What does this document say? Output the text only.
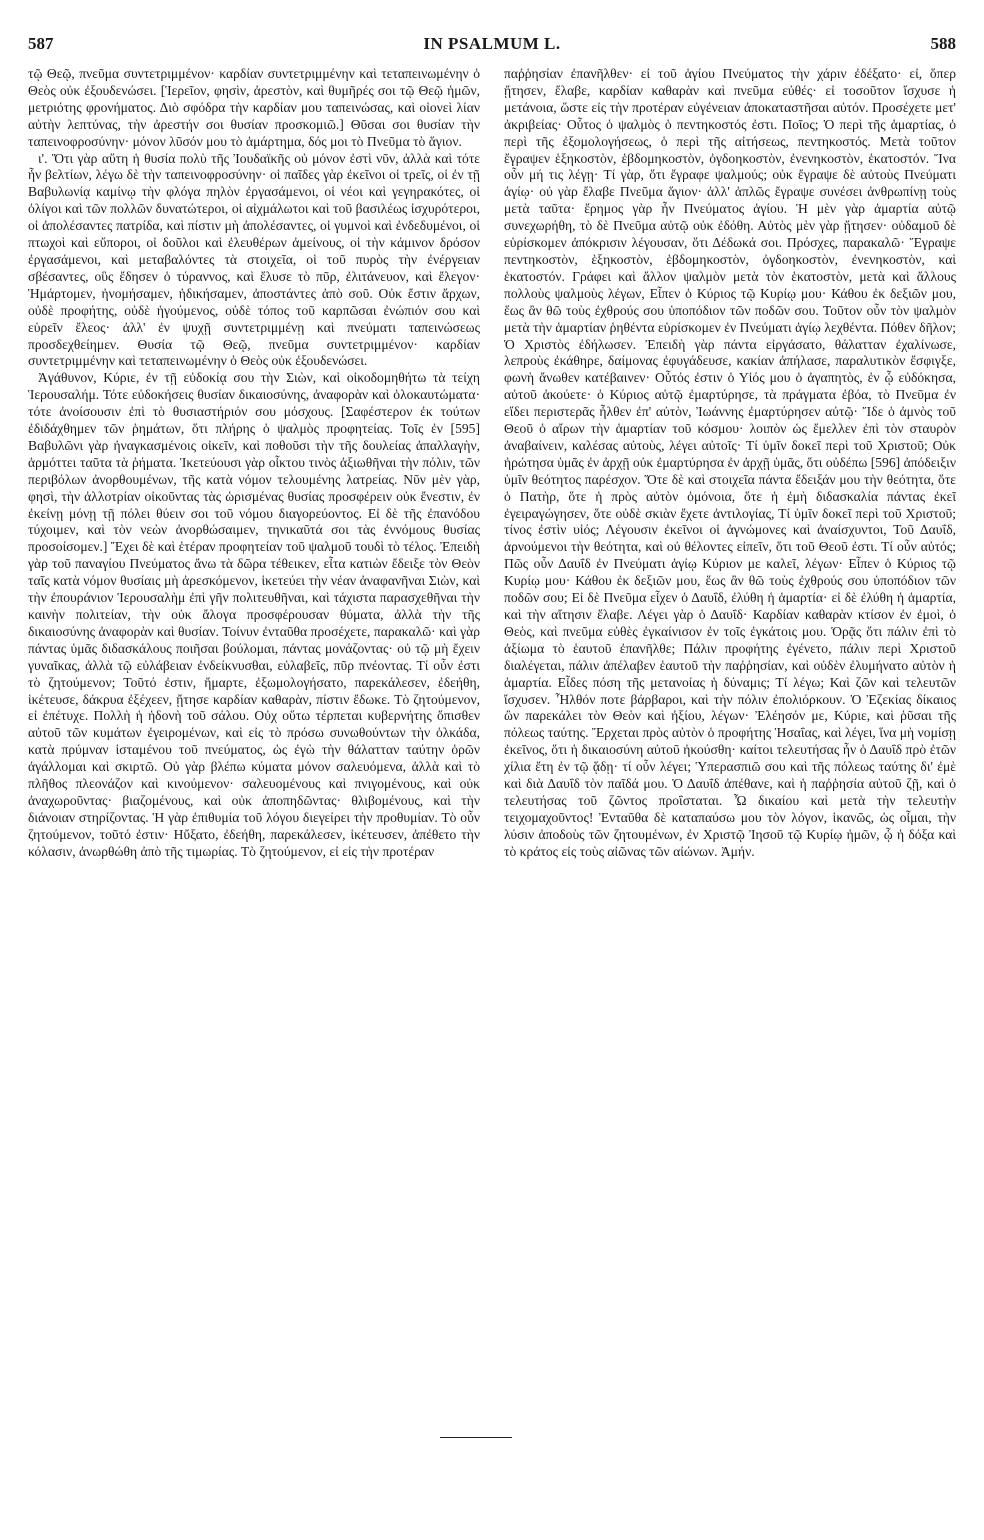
587	IN PSALMUM L.	588

τῷ Θεῷ, πνεῦμα συντετριμμένον· καρδίαν συντετριμμένην καὶ τεταπεινωμένην ὁ Θεὸς οὐκ ἐξουδενώσει. [Ἱερεῖον, φησὶν, ἀρεστὸν, καὶ θυμῆρές σοι τῷ Θεῷ ἡμῶν, μετριότης φρονήματος. Διὸ σφόδρα τὴν καρδίαν μου ταπεινώσας, καὶ οἱονεὶ λίαν αὐτὴν λεπτύνας, τὴν ἀρεστήν σοι θυσίαν προσκομιῶ.] Θῦσαι σοι θυσίαν τὴν ταπεινοφροσύνην· μόνον λῦσόν μου τὸ ἁμάρτημα, δός μοι τὸ Πνεῦμα τὸ ἅγιον.

ι'. Ὅτι γὰρ αὕτη ἡ θυσία πολὺ τῆς Ἰουδαϊκῆς οὐ μόνον ἐστὶ νῦν, ἀλλὰ καὶ τότε ἦν βελτίων, λέγω δὲ τὴν ταπεινοφροσύνην· οἱ παῖδες γὰρ ἐκεῖνοι οἱ τρεῖς, οἱ ἐν τῇ Βαβυλωνίᾳ καμίνῳ τὴν φλόγα πηλὸν ἐργασάμενοι, οἱ νέοι καὶ γεγηρακότες, οἱ ὀλίγοι καὶ τῶν πολλῶν δυνατώτεροι, οἱ αἰχμάλωτοι καὶ τοῦ βασιλέως ἰσχυρότεροι, οἱ ἀπολέσαντες πατρίδα, καὶ πίστιν μὴ ἀπολέσαντες, οἱ γυμνοὶ καὶ ἐνδεδυμένοι, οἱ πτωχοὶ καὶ εὔποροι, οἱ δοῦλοι καὶ ἐλευθέρων ἀμείνους, οἱ τὴν κάμινον δρόσον ἐργασάμενοι, καὶ μεταβαλόντες τὰ στοιχεῖα, οἱ τοῦ πυρὸς τὴν ἐνέργειαν σβέσαντες, οὓς ἔδησεν ὁ τύραννος, καὶ ἔλυσε τὸ πῦρ, ἐλιτάνευον, καὶ ἔλεγον· Ἡμάρτομεν, ἠνομήσαμεν, ἠδικήσαμεν, ἀποστάντες ἀπὸ σοῦ. Οὐκ ἔστιν ἄρχων, οὐδὲ προφήτης, οὐδὲ ἡγούμενος, οὐδὲ τόπος τοῦ καρπῶσαι ἐνώπιόν σου καὶ εὑρεῖν ἔλεος· ἀλλ' ἐν ψυχῇ συντετριμμένῃ καὶ πνεύματι ταπεινώσεως προσδεχθείημεν. Θυσία τῷ Θεῷ, πνεῦμα συντετριμμένον· καρδίαν συντετριμμένην καὶ τεταπεινωμένην ὁ Θεὸς οὐκ ἐξουδενώσει.

Ἀγάθυνον, Κύριε, ἐν τῇ εὐδοκίᾳ σου τὴν Σιὼν, καὶ οἰκοδομηθήτω τὰ τείχη Ἱερουσαλήμ. Τότε εὐδοκήσεις θυσίαν δικαιοσύνης, ἀναφορὰν καὶ ὁλοκαυτώματα· τότε ἀνοίσουσιν ἐπὶ τὸ θυσιαστήριόν σου μόσχους. [Σαφέστερον ἐκ τούτων ἐδιδάχθημεν τῶν ῥημάτων, ὅτι πλήρης ὁ ψαλμὸς προφητείας. Τοῖς ἐν [595] Βαβυλῶνι γὰρ ἠναγκασμένοις οἰκεῖν, καὶ ποθοῦσι τὴν τῆς δουλείας ἀπαλλαγὴν, ἁρμόττει ταῦτα τὰ ῥήματα. Ἱκετεύουσι γὰρ οἶκτου τινὸς ἀξιωθῆναι τὴν πόλιν, τῶν περιβόλων ἀνορθουμένων, τῆς κατὰ νόμον τελουμένης λατρείας. Νῦν μὲν γὰρ, φησὶ, τὴν ἀλλοτρίαν οἰκοῦντας τὰς ὡρισμένας θυσίας προσφέρειν οὐκ ἔνεστιν, ἐν ἐκείνῃ μόνῃ τῇ πόλει θύειν σοι τοῦ νόμου διαγορεύοντος. Εἰ δὲ τῆς ἐπανόδου τύχοιμεν, καὶ τὸν νεὼν ἀνορθώσαιμεν, τηνικαῦτά σοι τὰς ἐννόμους θυσίας προσοίσομεν.] Ἔχει δὲ καὶ ἑτέραν προφητείαν τοῦ ψαλμοῦ τουδὶ τὸ τέλος. Ἐπειδὴ γὰρ τοῦ παναγίου Πνεύματος ἄνω τὰ δῶρα τέθεικεν, εἶτα κατιὼν ἔδειξε τὸν Θεὸν ταῖς κατὰ νόμον θυσίαις μὴ ἀρεσκόμενον, ἱκετεύει τὴν νέαν ἀναφανῆναι Σιὼν, καὶ τὴν ἐπουράνιον Ἱερουσαλὴμ ἐπὶ γῆν πολιτευθῆναι, καὶ τάχιστα παρασχεθῆναι τὴν καινὴν πολιτείαν, τὴν οὐκ ἄλογα προσφέρουσαν θύματα, ἀλλὰ τὴν τῆς δικαιοσύνης ἀναφορὰν καὶ θυσίαν. Τοίνυν ἐνταῦθα προσέχετε, παρακαλῶ· καὶ γὰρ πάντας ὑμᾶς διδασκάλους ποιῆσαι βούλομαι, πάντας μονάζοντας· οὐ τῷ μὴ ἔχειν γυναῖκας, ἀλλὰ τῷ εὐλάβειαν ἐνδείκνυσθαι, εὐλαβεῖς, πῦρ πνέοντας. Τί οὖν ἐστι τὸ ζητούμενον; Τοῦτό ἐστιν, ἥμαρτε, ἐξωμολογήσατο, παρεκάλεσεν, ἐδεήθη, ἱκέτευσε, δάκρυα ἐξέχεεν, ᾔτησε καρδίαν καθαρὰν, πίστιν ἔδωκε. Τὸ ζητούμενον, εἰ ἐπέτυχε. Πολλὴ ἡ ἡδονὴ τοῦ σάλου. Οὐχ οὕτω τέρπεται κυβερνήτης ὄπισθεν αὐτοῦ τῶν κυμάτων ἐγειρομένων, καὶ εἰς τὸ πρόσω συνωθούντων τὴν ὁλκάδα, κατὰ πρύμναν ἱσταμένου τοῦ πνεύματος, ὡς ἐγὼ τὴν θάλατταν ταύτην ὁρῶν ἀγάλλομαι καὶ σκιρτῶ. Οὐ γὰρ βλέπω κύματα μόνον σαλευόμενα, ἀλλὰ καὶ τὸ πλῆθος πλεονάζον καὶ κινούμενον· σαλευομένους καὶ πνιγομένους, καὶ οὐκ ἀναχωροῦντας· βιαζομένους, καὶ οὐκ ἀποπηδῶντας· θλιβομένους, καὶ τὴν διάνοιαν στηρίζοντας. Ἡ γὰρ ἐπιθυμία τοῦ λόγου διεγείρει τὴν προθυμίαν. Τὸ οὖν ζητούμενον, τοῦτό ἐστιν· Ηὔξατο, ἐδεήθη, παρεκάλεσεν, ἱκέτευσεν, ἀπέθετο τὴν κόλασιν, ἀνωρθώθη ἀπὸ τῆς τιμωρίας. Τὸ ζητούμενον, εἰ εἰς τὴν προτέραν

παῤῥησίαν ἐπανῆλθεν· εἰ τοῦ ἁγίου Πνεύματος τὴν χάριν ἐδέξατο· εἰ, ὅπερ ᾔτησεν, ἔλαβε, καρδίαν καθαρὰν καὶ πνεῦμα εὐθές· εἰ τοσοῦτον ἴσχυσε ἡ μετάνοια, ὥστε εἰς τὴν προτέραν εὐγένειαν ἀποκαταστῆσαι αὐτόν. Προσέχετε μετ' ἀκριβείας· Οὗτος ὁ ψαλμὸς ὁ πεντηκοστός ἐστι. Ποῖος; Ὁ περὶ τῆς ἁμαρτίας, ὁ περὶ τῆς ἐξομολογήσεως, ὁ περὶ τῆς αἰτήσεως, πεντηκοστός. Μετὰ τοῦτον ἔγραψεν ἑξηκοστὸν, ἑβδομηκοστὸν, ὀγδοηκοστὸν, ἐνενηκοστὸν, ἑκατοστόν. Ἵνα οὖν μή τις λέγῃ· Τί γὰρ, ὅτι ἔγραφε ψαλμούς; οὐκ ἔγραψε δὲ αὐτοὺς Πνεύματι ἁγίῳ· οὐ γὰρ ἔλαβε Πνεῦμα ἅγιον· ἀλλ' ἁπλῶς ἔγραψε συνέσει ἀνθρωπίνῃ τοὺς μετὰ ταῦτα· ἔρημος γὰρ ἦν Πνεύματος ἁγίου. Ἡ μὲν γὰρ ἁμαρτία αὐτῷ συνεχωρήθη, τὸ δὲ Πνεῦμα αὐτῷ οὐκ ἐδόθη. Αὐτὸς μὲν γὰρ ᾔτησεν· οὐδαμοῦ δὲ εὑρίσκομεν ἀπόκρισιν λέγουσαν, ὅτι Δέδωκά σοι. Πρόσχες, παρακαλῶ· Ἔγραψε πεντηκοστὸν, ἑξηκοστὸν, ἑβδομηκοστὸν, ὀγδοηκοστὸν, ἐνενηκοστὸν, καὶ ἑκατοστόν. Γράφει καὶ ἄλλον ψαλμὸν μετὰ τὸν ἑκατοστὸν, μετὰ καὶ ἄλλους πολλοὺς ψαλμοὺς λέγων, Εἶπεν ὁ Κύριος τῷ Κυρίῳ μου· Κάθου ἐκ δεξιῶν μου, ἕως ἂν θῶ τοὺς ἐχθρούς σου ὑποπόδιον τῶν ποδῶν σου. Τοῦτον οὖν τὸν ψαλμὸν μετὰ τὴν ἁμαρτίαν ῥηθέντα εὑρίσκομεν ἐν Πνεύματι ἁγίῳ λεχθέντα. Πόθεν δῆλον; Ὁ Χριστὸς ἐδήλωσεν. Ἐπειδὴ γὰρ πάντα εἰργάσατο, θάλατταν ἐχαλίνωσε, λεπροὺς ἐκάθηρε, δαίμονας ἐφυγάδευσε, κακίαν ἀπήλασε, παραλυτικὸν ἔσφιγξε, φωνὴ ἄνωθεν κατέβαινεν· Οὗτός ἐστιν ὁ Υἱός μου ὁ ἀγαπητὸς, ἐν ᾧ εὐδόκησα, αὐτοῦ ἀκούετε· ὁ Κύριος αὐτῷ ἐμαρτύρησε, τὰ πράγματα ἐβόα, τὸ Πνεῦμα ἐν εἴδει περιστερᾶς ἦλθεν ἐπ' αὐτὸν, Ἰωάννης ἐμαρτύρησεν αὐτῷ· Ἴδε ὁ ἀμνὸς τοῦ Θεοῦ ὁ αἴρων τὴν ἁμαρτίαν τοῦ κόσμου· λοιπὸν ὡς ἔμελλεν ἐπὶ τὸν σταυρὸν ἀναβαίνειν, καλέσας αὐτοὺς, λέγει αὐτοῖς· Τί ὑμῖν δοκεῖ περὶ τοῦ Χριστοῦ; Οὐκ ἠρώτησα ὑμᾶς ἐν ἀρχῇ οὐκ ἐμαρτύρησα ἐν ἀρχῇ ὑμᾶς, ὅτι οὐδέπω [596] ἀπόδειξιν ὑμῖν θεότητος παρέσχον. Ὅτε δὲ καὶ στοιχεῖα πάντα ἔδειξάν μου τὴν θεότητα, ὅτε ὁ Πατὴρ, ὅτε ἡ πρὸς αὐτὸν ὁμόνοια, ὅτε ἡ ἐμὴ διδασκαλία πάντας ἐκεῖ ἐγειραγώγησεν, ὅτε οὐδὲ σκιὰν ἔχετε ἀντιλογίας, Τί ὑμῖν δοκεῖ περὶ τοῦ Χριστοῦ; τίνος ἐστὶν υἱός; Λέγουσιν ἐκεῖνοι οἱ ἀγνώμονες καὶ ἀναίσχυντοι, Τοῦ Δαυΐδ, ἀρνούμενοι τὴν θεότητα, καὶ οὐ θέλοντες εἰπεῖν, ὅτι τοῦ Θεοῦ ἐστι. Τί οὖν αὐτός; Πῶς οὖν Δαυΐδ ἐν Πνεύματι ἁγίῳ Κύριον με καλεῖ, λέγων· Εἶπεν ὁ Κύριος τῷ Κυρίῳ μου· Κάθου ἐκ δεξιῶν μου, ἕως ἂν θῶ τοὺς ἐχθρούς σου ὑποπόδιον τῶν ποδῶν σου; Εἰ δὲ Πνεῦμα εἶχεν ὁ Δαυΐδ, ἐλύθη ἡ ἁμαρτία· εἰ δὲ ἐλύθη ἡ ἁμαρτία, καὶ τὴν αἴτησιν ἔλαβε. Λέγει γὰρ ὁ Δαυΐδ· Καρδίαν καθαρὰν κτίσον ἐν ἐμοὶ, ὁ Θεὸς, καὶ πνεῦμα εὐθὲς ἐγκαίνισον ἐν τοῖς ἐγκάτοις μου. Ὁρᾷς ὅτι πάλιν ἐπὶ τὸ ἀξίωμα τὸ ἑαυτοῦ ἐπανῆλθε; Πάλιν προφήτης ἐγένετο, πάλιν περὶ Χριστοῦ διαλέγεται, πάλιν ἀπέλαβεν ἑαυτοῦ τὴν παῤῥησίαν, καὶ οὐδὲν ἐλυμήνατο αὐτὸν ἡ ἁμαρτία. Εἶδες πόση τῆς μετανοίας ἡ δύναμις; Τί λέγω; Καὶ ζῶν καὶ τελευτῶν ἴσχυσεν. Ἦλθόν ποτε βάρβαροι, καὶ τὴν πόλιν ἐπολιόρκουν. Ὁ Ἐζεκίας δίκαιος ὢν παρεκάλει τὸν Θεὸν καὶ ἠξίου, λέγων· Ἐλέησόν με, Κύριε, καὶ ῥῦσαι τῆς πόλεως ταύτης. Ἔρχεται πρὸς αὐτὸν ὁ προφήτης Ἡσαΐας, καὶ λέγει, ἵνα μὴ νομίσῃ ἐκεῖνος, ὅτι ἡ δικαιοσύνη αὐτοῦ ἠκούσθη· καίτοι τελευτήσας ἦν ὁ Δαυΐδ πρὸ ἐτῶν χίλια ἔτη ἐν τῷ ᾅδῃ· τί οὖν λέγει; Ὑπερασπιῶ σου καὶ τῆς πόλεως ταύτης δι' ἐμὲ καὶ διὰ Δαυΐδ τὸν παῖδά μου. Ὁ Δαυΐδ ἀπέθανε, καὶ ἡ παῤῥησία αὐτοῦ ζῇ, καὶ ὁ τελευτήσας τοῦ ζῶντος προΐσταται. Ὦ δικαίου καὶ μετὰ τὴν τελευτὴν τειχομαχοῦντος! Ἐνταῦθα δὲ καταπαύσω μου τὸν λόγον, ἱκανῶς, ὡς οἶμαι, τὴν λύσιν ἀποδοὺς τῶν ζητουμένων, ἐν Χριστῷ Ἰησοῦ τῷ Κυρίῳ ἡμῶν, ᾧ ἡ δόξα καὶ τὸ κράτος εἰς τοὺς αἰῶνας τῶν αἰώνων. Ἀμήν.
